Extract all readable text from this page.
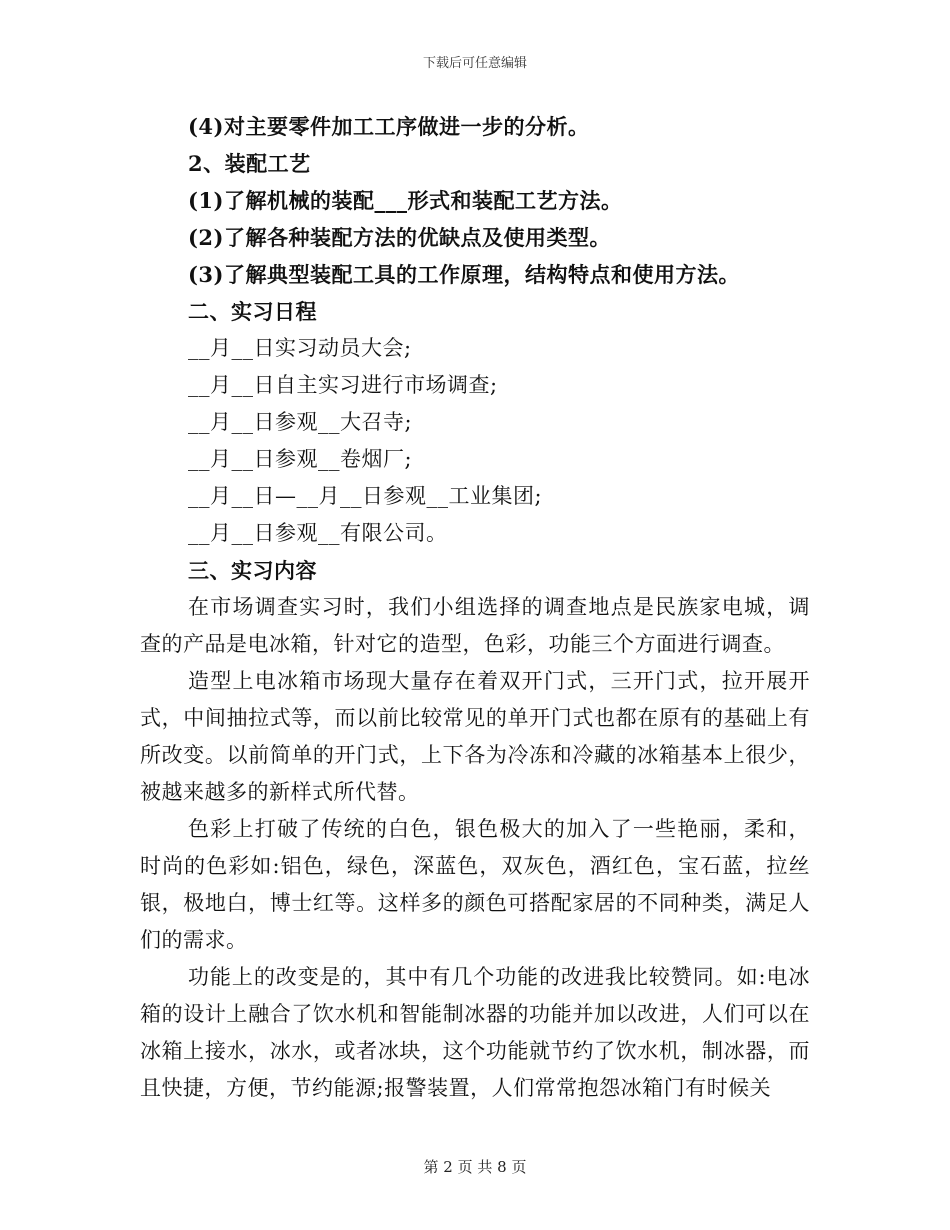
下载后可任意编辑
(4)对主要零件加工工序做进一步的分析。
2、装配工艺
(1)了解机械的装配___形式和装配工艺方法。
(2)了解各种装配方法的优缺点及使用类型。
(3)了解典型装配工具的工作原理，结构特点和使用方法。
二、实习日程
__月__日实习动员大会;
__月__日自主实习进行市场调查;
__月__日参观__大召寺;
__月__日参观__卷烟厂;
__月__日—__月__日参观__工业集团;
__月__日参观__有限公司。
三、实习内容

在市场调查实习时，我们小组选择的调查地点是民族家电城，调查的产品是电冰箱，针对它的造型，色彩，功能三个方面进行调查。

造型上电冰箱市场现大量存在着双开门式，三开门式，拉开展开式，中间抽拉式等，而以前比较常见的单开门式也都在原有的基础上有所改变。以前简单的开门式，上下各为冷冻和冷藏的冰箱基本上很少，被越来越多的新样式所代替。

色彩上打破了传统的白色，银色极大的加入了一些艳丽，柔和，时尚的色彩如:铝色，绿色，深蓝色，双灰色，酒红色，宝石蓝，拉丝银，极地白，博士红等。这样多的颜色可搭配家居的不同种类，满足人们的需求。

功能上的改变是的，其中有几个功能的改进我比较赞同。如:电冰箱的设计上融合了饮水机和智能制冰器的功能并加以改进，人们可以在冰箱上接水，冰水，或者冰块，这个功能就节约了饮水机，制冰器，而且快捷，方便，节约能源;报警装置，人们常常抱怨冰箱门有时候关

第 2 页 共 8 页
